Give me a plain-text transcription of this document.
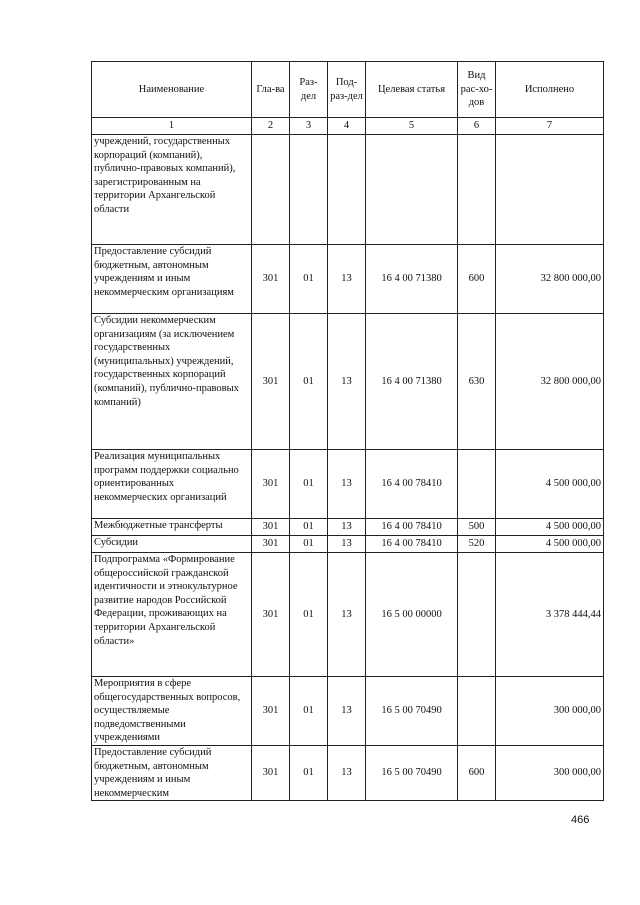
Наименование	Гла-ва	Раз-дел	Под-раз-дел	Целевая статья	Вид рас-хо-дов	Исполнено
1	2	3	4	5	6	7
учреждений, государственных корпораций (компаний), публично-правовых компаний), зарегистрированным на территории Архангельской области						
Предоставление субсидий бюджетным, автономным учреждениям и иным некоммерческим организациям	301	01	13	16 4 00 71380	600	32 800 000,00
Субсидии некоммерческим организациям (за исключением государственных (муниципальных) учреждений, государственных корпораций (компаний), публично-правовых компаний)	301	01	13	16 4 00 71380	630	32 800 000,00
Реализация муниципальных программ поддержки социально ориентированных некоммерческих организаций	301	01	13	16 4 00 78410		4 500 000,00
Межбюджетные трансферты	301	01	13	16 4 00 78410	500	4 500 000,00
Субсидии	301	01	13	16 4 00 78410	520	4 500 000,00
Подпрограмма «Формирование общероссийской гражданской идентичности и этнокультурное развитие народов Российской Федерации, проживающих на территории Архангельской области»	301	01	13	16 5 00 00000		3 378 444,44
Мероприятия в сфере общегосударственных вопросов, осуществляемые подведомственными учреждениями	301	01	13	16 5 00 70490		300 000,00
Предоставление субсидий бюджетным, автономным учреждениям и иным некоммерческим	301	01	13	16 5 00 70490	600	300 000,00
466
